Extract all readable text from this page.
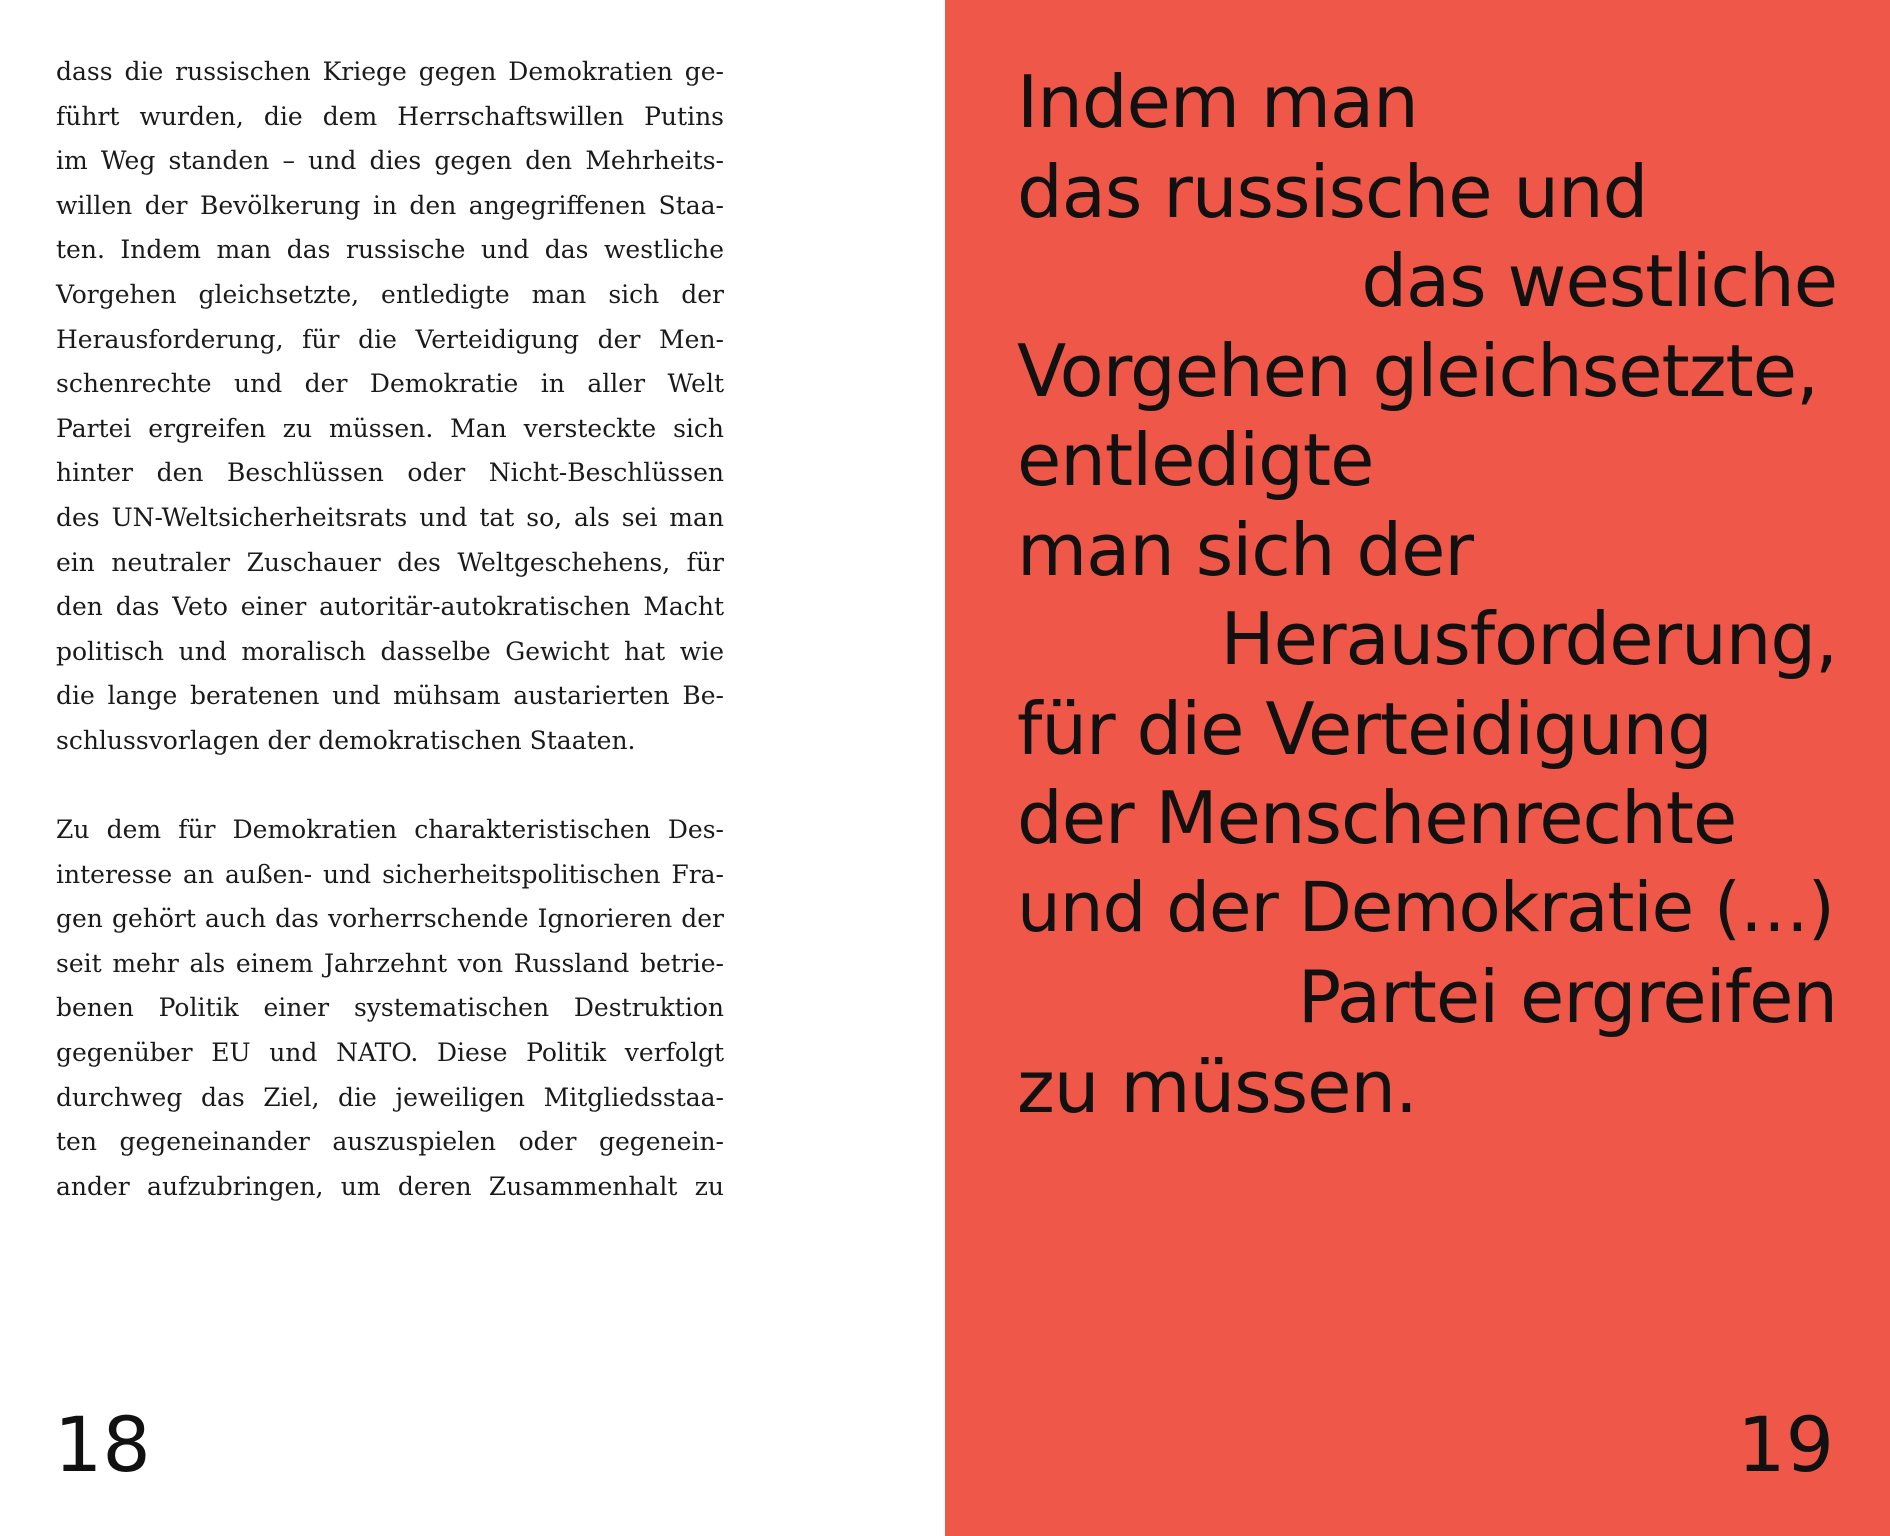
dass die russischen Kriege gegen Demokratien ge-
führt wurden, die dem Herrschaftswillen Putins
im Weg standen – und dies gegen den Mehrheits-
willen der Bevölkerung in den angegriffenen Staa-
ten. Indem man das russische und das westliche
Vorgehen gleichsetzte, entledigte man sich der
Herausforderung, für die Verteidigung der Men-
schenrechte und der Demokratie in aller Welt
Partei ergreifen zu müssen. Man versteckte sich
hinter den Beschlüssen oder Nicht-Beschlüssen
des UN-Weltsicherheitsrats und tat so, als sei man
ein neutraler Zuschauer des Weltgeschehens, für
den das Veto einer autoritär-autokratischen Macht
politisch und moralisch dasselbe Gewicht hat wie
die lange beratenen und mühsam austarierten Be-
schlussvorlagen der demokratischen Staaten.
Zu dem für Demokratien charakteristischen Des-
interesse an außen- und sicherheitspolitischen Fra-
gen gehört auch das vorherrschende Ignorieren der
seit mehr als einem Jahrzehnt von Russland betrie-
benen Politik einer systematischen Destruktion
gegenüber EU und NATO. Diese Politik verfolgt
durchweg das Ziel, die jeweiligen Mitgliedsstaa-
ten gegeneinander auszuspielen oder gegenein-
ander aufzubringen, um deren Zusammenhalt zu
18	19
Indem man
das russische und
das westliche
Vorgehen gleichsetzte,
entledigte
man sich der
Herausforderung,
für die Verteidigung
der Menschenrechte
und der Demokratie (…)
Partei ergreifen
zu müssen.
